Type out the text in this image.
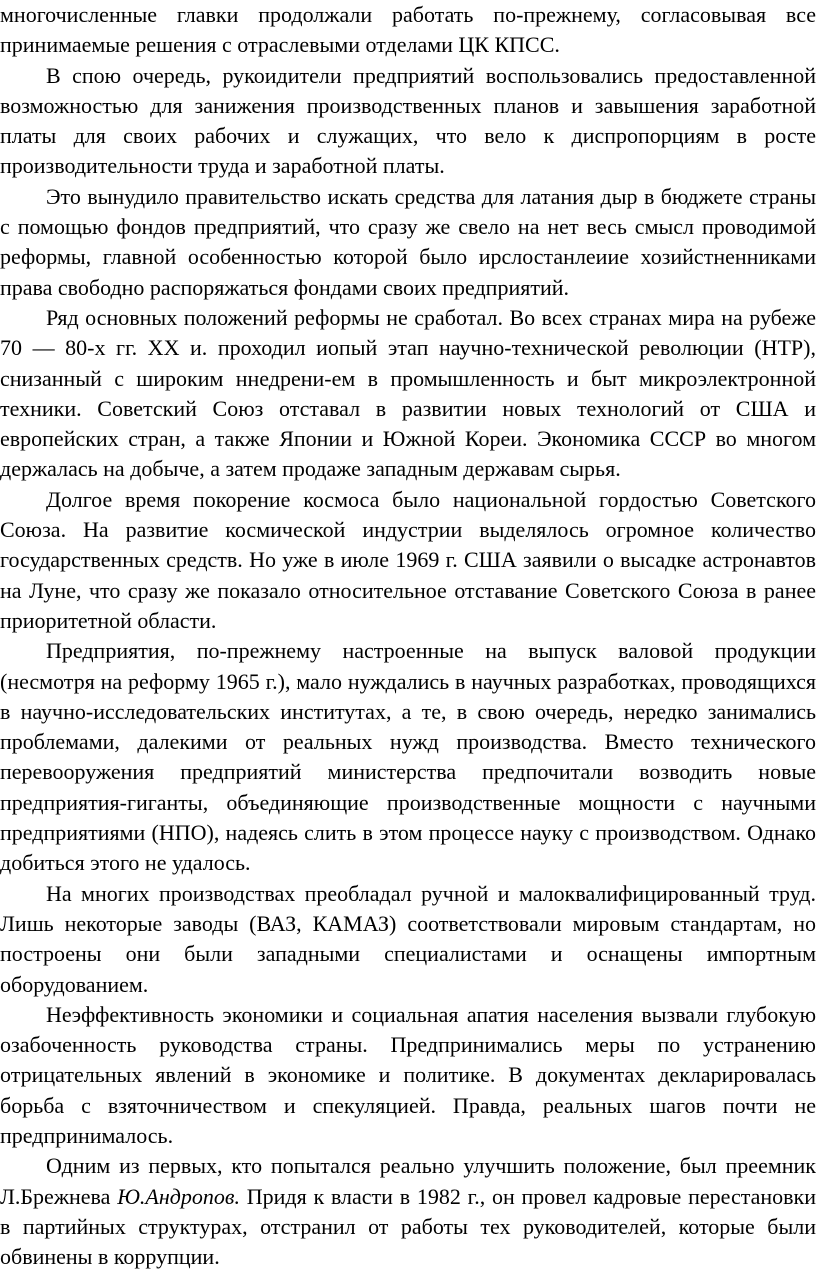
многочисленные главки продолжали работать по-прежнему, согласовывая все принимаемые решения с отраслевыми отделами ЦК КПСС.

В спою очередь, рукоидители предприятий воспользовались предоставленной возможностью для занижения производственных планов и завышения заработной платы для своих рабочих и служащих, что вело к диспропорциям в росте производительности труда и заработной платы.

Это вынудило правительство искать средства для латания дыр в бюджете страны с помощью фондов предприятий, что сразу же свело на нет весь смысл проводимой реформы, главной особенностью которой было ирслостанлеиие хозийстненниками права свободно распоряжаться фондами своих предприятий.

Ряд основных положений реформы не сработал. Во всех странах мира на рубеже 70 — 80-х гг. XX и. проходил иопый этап научно-технической революции (НТР), снизанный с широким ннедрени-ем в промышленность и быт микроэлектронной техники. Советский Союз отставал в развитии новых технологий от США и европейских стран, а также Японии и Южной Кореи. Экономика СССР во многом держалась на добыче, а затем продаже западным державам сырья.

Долгое время покорение космоса было национальной гордостью Советского Союза. На развитие космической индустрии выделялось огромное количество государственных средств. Но уже в июле 1969 г. США заявили о высадке астронавтов на Луне, что сразу же показало относительное отставание Советского Союза в ранее приоритетной области.

Предприятия, по-прежнему настроенные на выпуск валовой продукции (несмотря на реформу 1965 г.), мало нуждались в научных разработках, проводящихся в научно-исследовательских институтах, а те, в свою очередь, нередко занимались проблемами, далекими от реальных нужд производства. Вместо технического перевооружения предприятий министерства предпочитали возводить новые предприятия-гиганты, объединяющие производственные мощности с научными предприятиями (НПО), надеясь слить в этом процессе науку с производством. Однако добиться этого не удалось.

На многих производствах преобладал ручной и малоквалифицированный труд. Лишь некоторые заводы (ВАЗ, КАМАЗ) соответствовали мировым стандартам, но построены они были западными специалистами и оснащены импортным оборудованием.

Неэффективность экономики и социальная апатия населения вызвали глубокую озабоченность руководства страны. Предпринимались меры по устранению отрицательных явлений в экономике и политике. В документах декларировалась борьба с взяточничеством и спекуляцией. Правда, реальных шагов почти не предпринималось.

Одним из первых, кто попытался реально улучшить положение, был преемник Л.Брежнева Ю.Андропов. Придя к власти в 1982 г., он провел кадровые перестановки в партийных структурах, отстранил от работы тех руководителей, которые были обвинены в коррупции.
